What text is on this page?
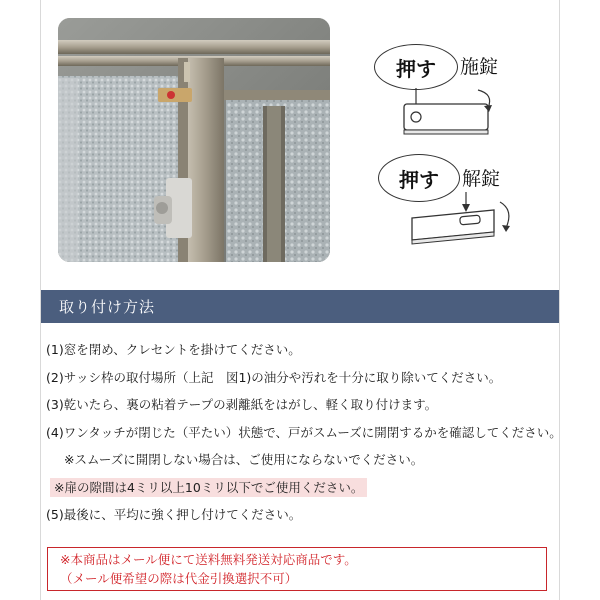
押す 施錠
押す 解錠
取り付け方法
(1)窓を閉め、クレセントを掛けてください。
(2)サッシ枠の取付場所（上記　図1)の油分や汚れを十分に取り除いてください。
(3)乾いたら、裏の粘着テープの剥離紙をはがし、軽く取り付けます。
(4)ワンタッチが閉じた（平たい）状態で、戸がスムーズに開閉するかを確認してください。
※スムーズに開閉しない場合は、ご使用にならないでください。
※扉の隙間は4ミリ以上10ミリ以下でご使用ください。
(5)最後に、平均に強く押し付けてください。
※本商品はメール便にて送料無料発送対応商品です。
（メール便希望の際は代金引換選択不可）
